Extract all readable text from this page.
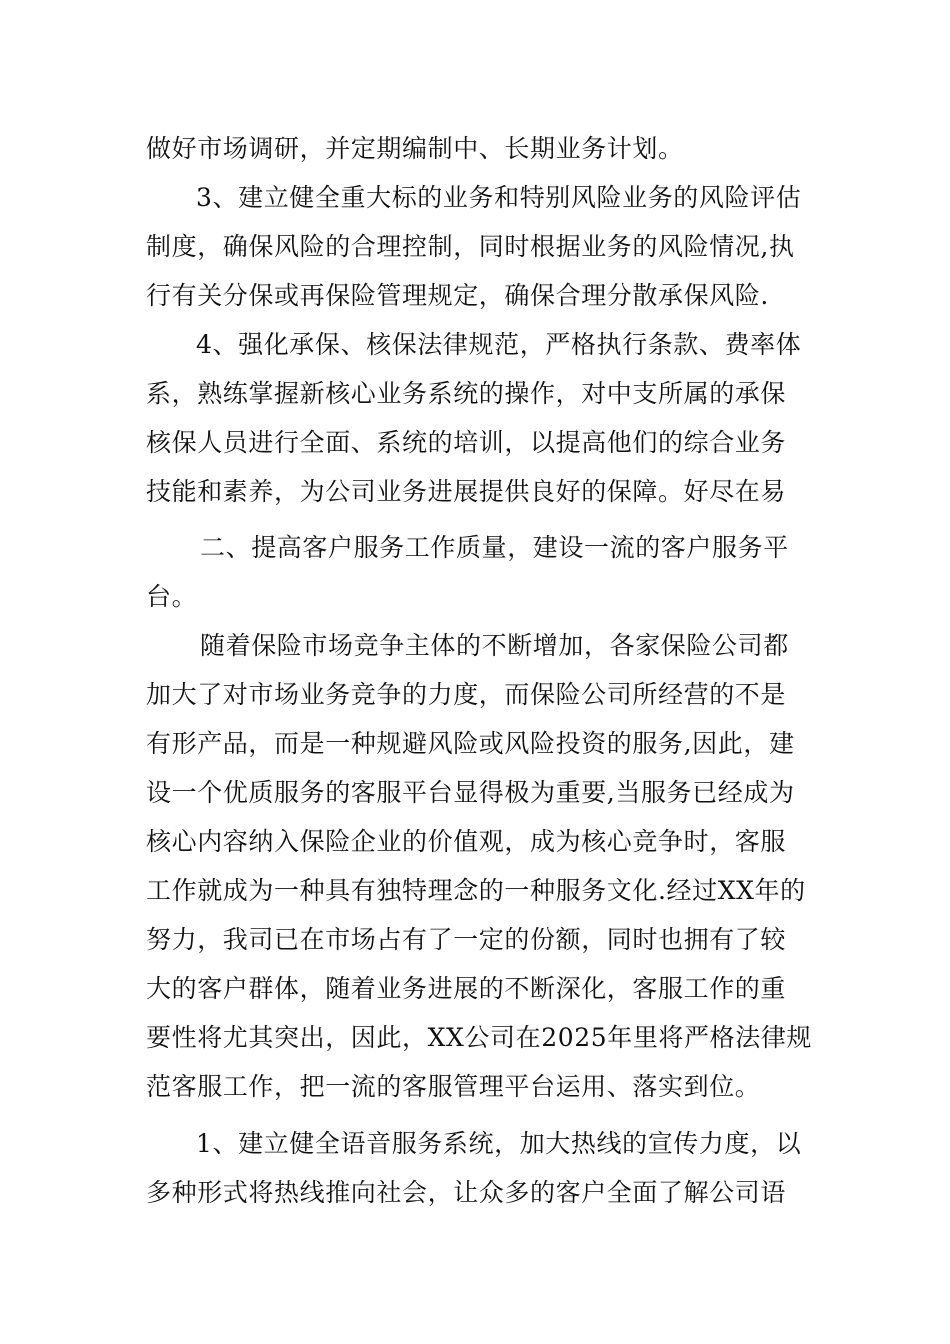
做好市场调研，并定期编制中、长期业务计划。
3、建立健全重大标的业务和特别风险业务的风险评估
制度，确保风险的合理控制，同时根据业务的风险情况,执
行有关分保或再保险管理规定，确保合理分散承保风险.
4、强化承保、核保法律规范，严格执行条款、费率体
系，熟练掌握新核心业务系统的操作，对中支所属的承保
核保人员进行全面、系统的培训，以提高他们的综合业务
技能和素养，为公司业务进展提供良好的保障。好尽在易
二、提高客户服务工作质量，建设一流的客户服务平
台。
随着保险市场竞争主体的不断增加，各家保险公司都
加大了对市场业务竞争的力度，而保险公司所经营的不是
有形产品，而是一种规避风险或风险投资的服务,因此，建
设一个优质服务的客服平台显得极为重要,当服务已经成为
核心内容纳入保险企业的价值观，成为核心竞争时，客服
工作就成为一种具有独特理念的一种服务文化.经过XX年的
努力，我司已在市场占有了一定的份额，同时也拥有了较
大的客户群体，随着业务进展的不断深化，客服工作的重
要性将尤其突出，因此，XX公司在2025年里将严格法律规
范客服工作，把一流的客服管理平台运用、落实到位。
1、建立健全语音服务系统，加大热线的宣传力度，以
多种形式将热线推向社会，让众多的客户全面了解公司语
